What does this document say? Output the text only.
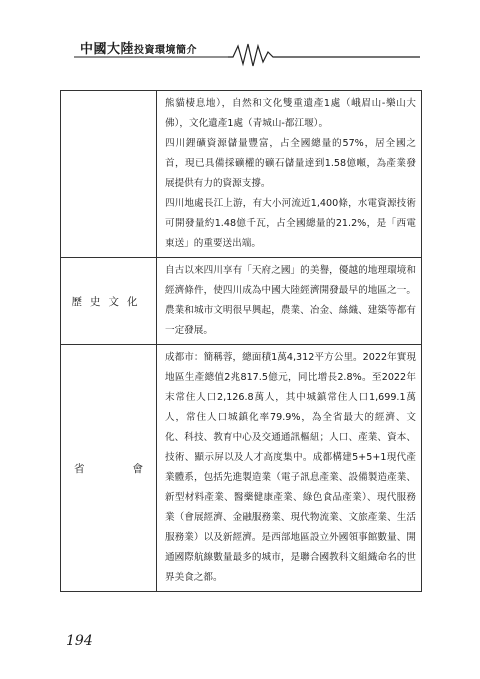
中國大陸投資環境簡介

	熊貓棲息地），自然和文化雙重遺產1處（峨眉山-樂山大佛），文化遺產1處（青城山-都江堰）。

四川鋰礦資源儲量豐富，占全國總量的57%，居全國之首，現已具備採礦權的礦石儲量達到1.58億噸，為產業發展提供有力的資源支撐。

四川地處長江上游，有大小河流近1,400條，水電資源技術可開發量約1.48億千瓦，占全國總量的21.2%，是「西電東送」的重要送出端。

歷史文化	自古以來四川享有「天府之國」的美譽，優越的地理環境和經濟條件，使四川成為中國大陸經濟開發最早的地區之一。農業和城市文明很早興起，農業、冶金、絲織、建築等都有一定發展。

省 會	成都市：簡稱蓉，總面積1萬4,312平方公里。2022年實現地區生產總值2兆817.5億元，同比增長2.8%。至2022年末常住人口2,126.8萬人，其中城鎮常住人口1,699.1萬人，常住人口城鎮化率79.9%，為全省最大的經濟、文化、科技、教育中心及交通通訊樞紐；人口、產業、資本、技術、顯示屏以及人才高度集中。成都構建5+5+1現代產業體系，包括先進製造業（電子訊息產業、設備製造產業、新型材料產業、醫藥健康產業、綠色食品產業）、現代服務業（會展經濟、金融服務業、現代物流業、文旅產業、生活服務業）以及新經濟。是西部地區設立外國領事館數量、開通國際航線數量最多的城市，是聯合國教科文組織命名的世界美食之都。

194
